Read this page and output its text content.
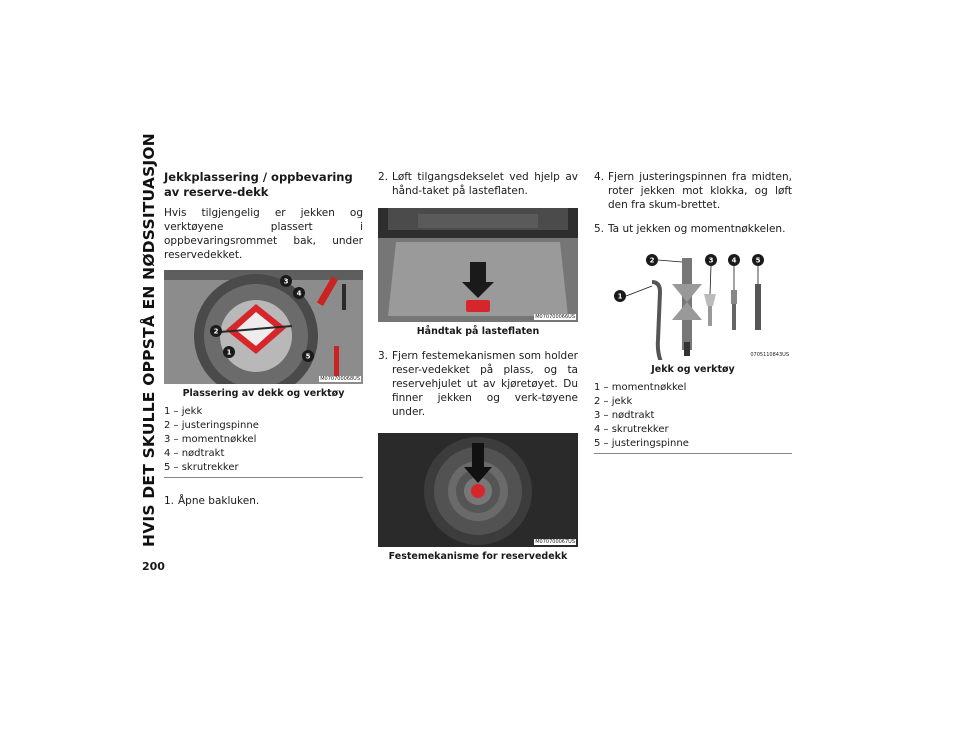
HVIS DET SKULLE OPPSTÅ EN NØDSSITUASJON
200
Jekkplassering / oppbevaring av reserve-dekk

Hvis tilgjengelig er jekken og verktøyene plassert i oppbevaringsrommet bak, under reservedekket.

3
4
2
1	5
M070700068US
Plassering av dekk og verktøy
1 – jekk
2 – justeringspinne
3 – momentnøkkel
4 – nødtrakt
5 – skrutrekker
1. Åpne bakluken.
2. Løft tilgangsdekselet ved hjelp av hånd-taket på lasteflaten.
M070700066US
Håndtak på lasteflaten
3. Fjern festemekanismen som holder reser-vedekket på plass, og ta reservehjulet ut av kjøretøyet. Du finner jekken og verk-tøyene under.
M070700067US
Festemekanisme for reservedekk
4. Fjern justeringspinnen fra midten, roter jekken mot klokka, og løft den fra skum-brettet.
5. Ta ut jekken og momentnøkkelen.
1
2	3	4	5
0705110843US
Jekk og verktøy
1 – momentnøkkel
2 – jekk
3 – nødtrakt
4 – skrutrekker
5 – justeringspinne
